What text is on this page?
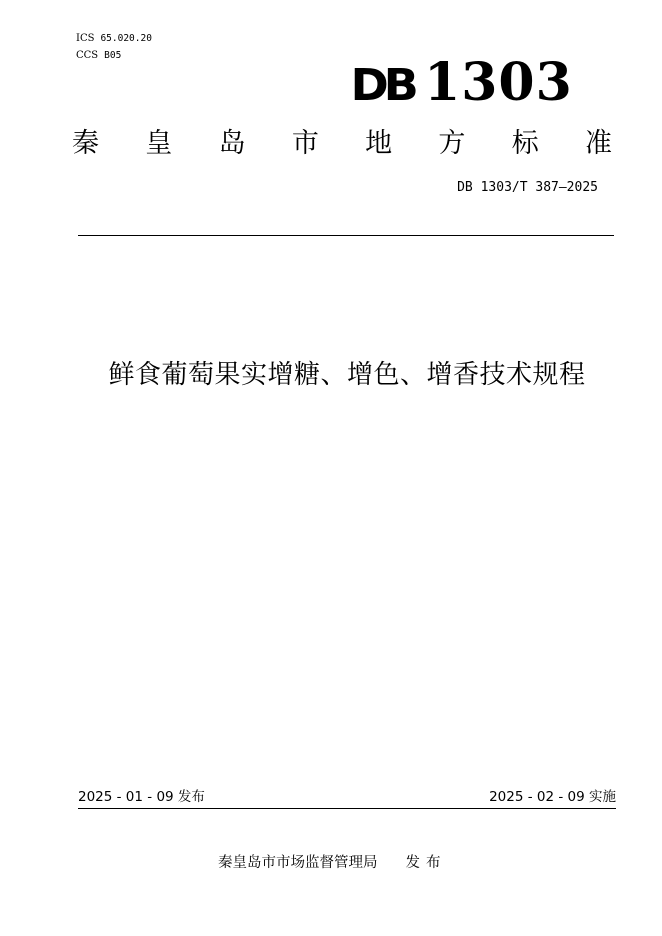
ICS 65.020.20
CCS B05
DB 1303
秦 皇 岛 市 地 方 标 准
DB 1303/T 387—2025
鲜食葡萄果实增糖、增色、增香技术规程
2025 - 01 - 09 发布	2025 - 02 - 09 实施
秦皇岛市市场监督管理局 发布
